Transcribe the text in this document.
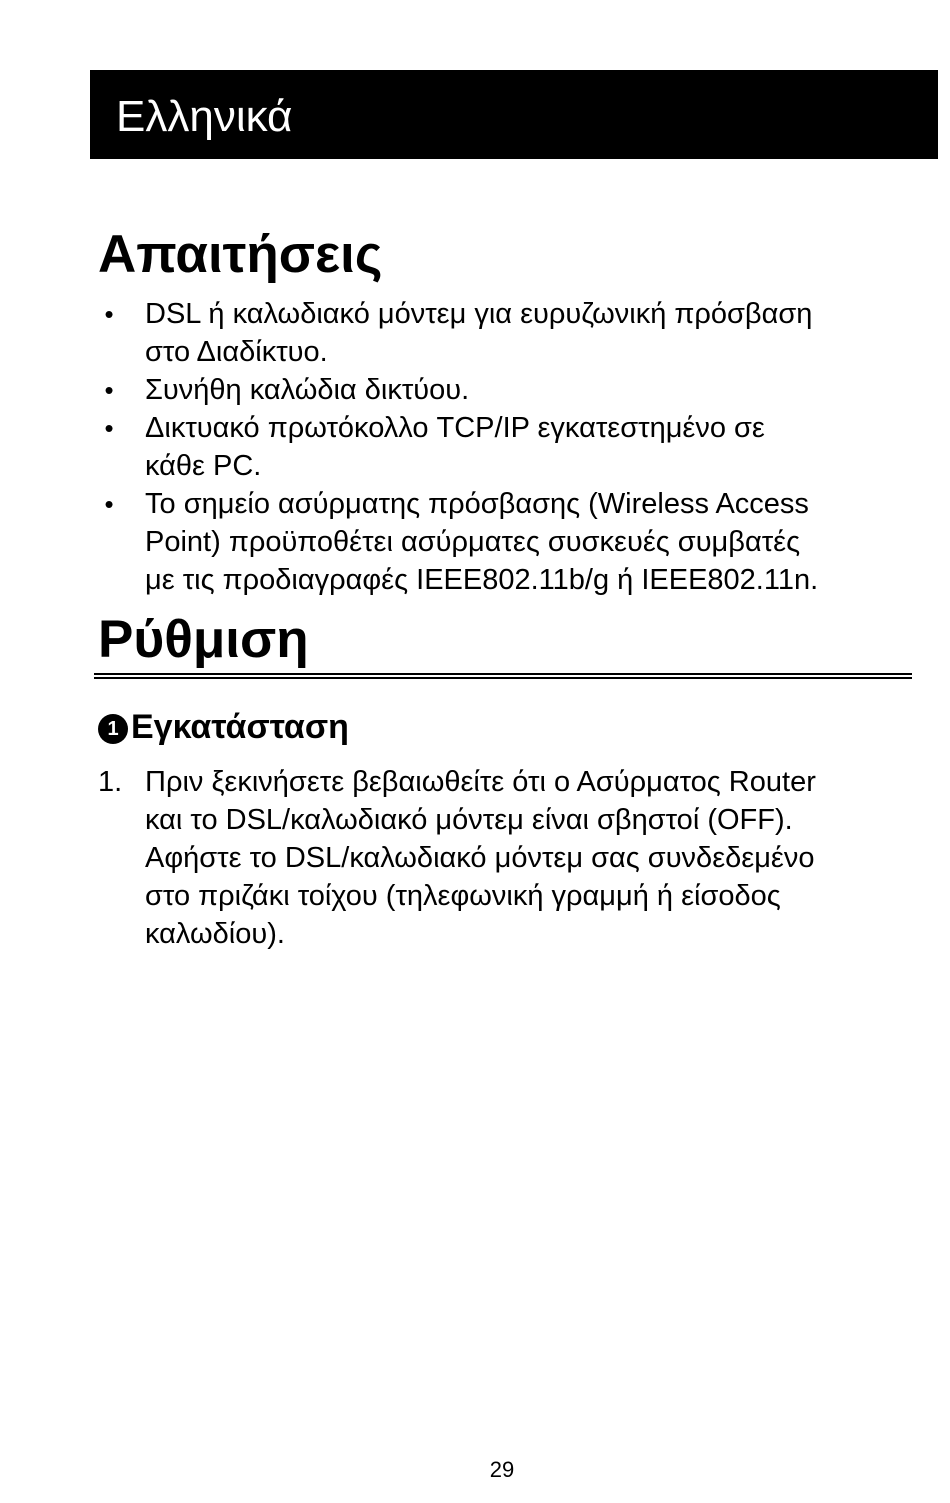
Ελληνικά
Απαιτήσεις
• DSL ή καλωδιακό μόντεμ για ευρυζωνική πρόσβαση
στο Διαδίκτυο.
• Συνήθη καλώδια δικτύου.
• Δικτυακό πρωτόκολλο TCP/IP εγκατεστημένο σε
κάθε PC.
• Το σημείο ασύρματης πρόσβασης (Wireless Access
Point) προϋποθέτει ασύρματες συσκευές συμβατές
με τις προδιαγραφές IEEE802.11b/g ή IEEE802.11n.
Ρύθμιση
1 Εγκατάσταση
1. Πριν ξεκινήσετε βεβαιωθείτε ότι ο Ασύρματος Router
και το DSL/καλωδιακό μόντεμ είναι σβηστοί (OFF).
Αφήστε το DSL/καλωδιακό μόντεμ σας συνδεδεμένο
στο πριζάκι τοίχου (τηλεφωνική γραμμή ή είσοδος
καλωδίου).
29
